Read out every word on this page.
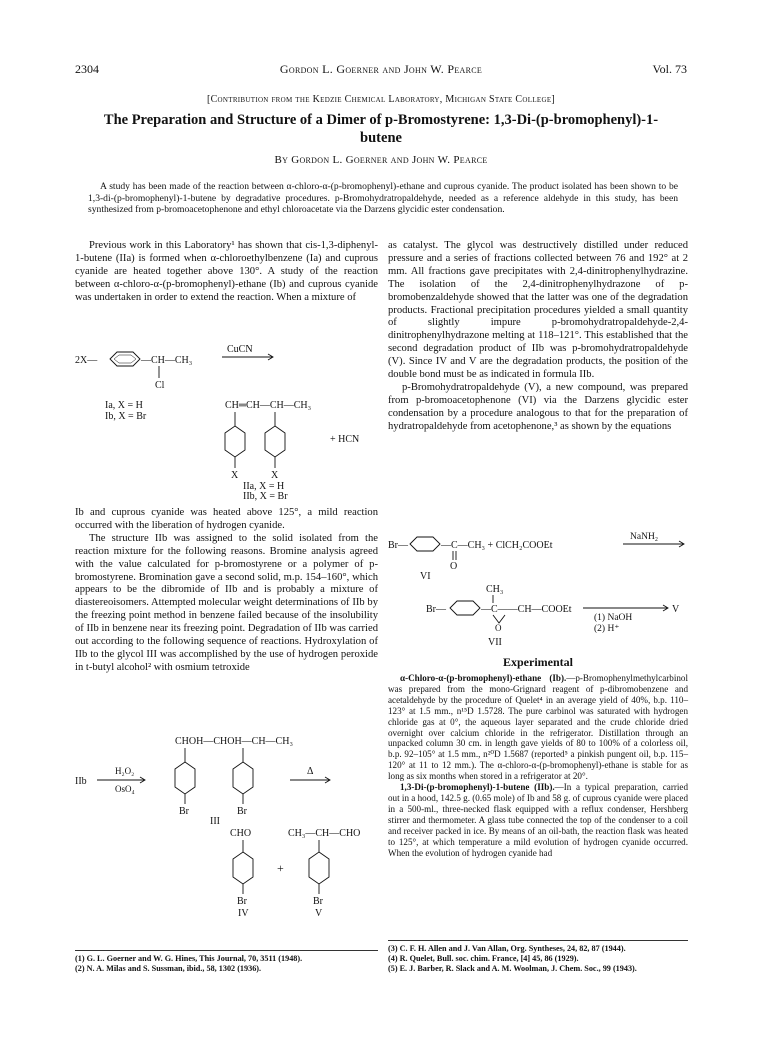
2304	Gordon L. Goerner and John W. Pearce	Vol. 73
[Contribution from the Kedzie Chemical Laboratory, Michigan State College]
The Preparation and Structure of a Dimer of p-Bromostyrene: 1,3-Di-(p-bromophenyl)-1-butene
By Gordon L. Goerner and John W. Pearce
A study has been made of the reaction between α-chloro-α-(p-bromophenyl)-ethane and cuprous cyanide. The product isolated has been shown to be 1,3-di-(p-bromophenyl)-1-butene by degradative procedures. p-Bromohydratropaldehyde, needed as a reference aldehyde in this study, has been synthesized from p-bromoacetophenone and ethyl chloroacetate via the Darzens glycidic ester condensation.

Previous work in this Laboratory¹ has shown that cis-1,3-diphenyl-1-butene (IIa) is formed when α-chloroethylbenzene (Ia) and cuprous cyanide are heated together above 130°. A study of the reaction between α-chloro-α-(p-bromophenyl)-ethane (Ib) and cuprous cyanide was undertaken in order to extend the reaction. When a mixture of

CuCN
2X—	—CH—CH₃
Cl
Ia, X = H
Ib, X = Br
CH═CH—CH—CH₃
+ HCN
X	X
IIa, X = H
IIb, X = Br

Ib and cuprous cyanide was heated above 125°, a mild reaction occurred with the liberation of hydrogen cyanide.

The structure IIb was assigned to the solid isolated from the reaction mixture for the following reasons. Bromine analysis agreed with the value calculated for p-bromostyrene or a polymer of p-bromostyrene. Bromination gave a second solid, m.p. 154–160°, which appears to be the dibromide of IIb and is probably a mixture of diastereoisomers. Attempted molecular weight determinations of IIb by the freezing point method in benzene failed because of the insolubility of IIb in benzene near its freezing point. Degradation of IIb was carried out according to the following sequence of reactions. Hydroxylation of IIb to the glycol III was accomplished by the use of hydrogen peroxide in t-butyl alcohol² with osmium tetroxide

CHOH—CHOH—CH—CH₃
IIb
H₂O₂
OsO₄
Δ
Br	Br
III
CHO	CH₃—CH—CHO
+
Br	Br
IV	V

(1) G. L. Goerner and W. G. Hines, This Journal, 70, 3511 (1948).

(2) N. A. Milas and S. Sussman, ibid., 58, 1302 (1936).

as catalyst. The glycol was destructively distilled under reduced pressure and a series of fractions collected between 76 and 192° at 2 mm. All fractions gave precipitates with 2,4-dinitrophenylhydrazine. The isolation of the 2,4-dinitrophenylhydrazone of p-bromobenzaldehyde showed that the latter was one of the degradation products. Fractional precipitation procedures yielded a small quantity of slightly impure p-bromohydratropaldehyde-2,4-dinitrophenylhydrazone melting at 118–121°. This established that the second degradation product of IIb was p-bromohydratropaldehyde (V). Since IV and V are the degradation products, the position of the double bond must be as indicated in formula IIb.

p-Bromohydratropaldehyde (V), a new compound, was prepared from p-bromoacetophenone (VI) via the Darzens glycidic ester condensation by a procedure analogous to that for the preparation of hydratropaldehyde from acetophenone,³ as shown by the equations

NaNH₂
Br—	—C—CH₃ + ClCH₂COOEt
O
VI
CH₃
Br—	—C——CH—COOEt
O
V
(1) NaOH
(2) H⁺
VII
Experimental

α-Chloro-α-(p-bromophenyl)-ethane (Ib).—p-Bromophenylmethylcarbinol was prepared from the mono-Grignard reagent of p-dibromobenzene and acetaldehyde by the procedure of Quelet⁴ in an average yield of 40%, b.p. 110–123° at 1.5 mm., n¹⁵D 1.5728. The pure carbinol was saturated with hydrogen chloride gas at 0°, the aqueous layer separated and the crude chloride dried overnight over calcium chloride in the refrigerator. Distillation through an unpacked column 30 cm. in length gave yields of 80 to 100% of a colorless oil, b.p. 92–105° at 1.5 mm., n²⁰D 1.5687 (reported⁵ a pinkish pungent oil, b.p. 115–120° at 11 to 12 mm.). The α-chloro-α-(p-bromophenyl)-ethane is stable for as long as six months when stored in a refrigerator at 20°.

1,3-Di-(p-bromophenyl)-1-butene (IIb).—In a typical preparation, carried out in a hood, 142.5 g. (0.65 mole) of Ib and 58 g. of cuprous cyanide were placed in a 500-ml., three-necked flask equipped with a reflux condenser, Hershberg stirrer and thermometer. A glass tube connected the top of the condenser to a coil and receiver packed in ice. By means of an oil-bath, the reaction flask was heated to 125°, at which temperature a mild evolution of hydrogen cyanide occurred. When the evolution of hydrogen cyanide had

(3) C. F. H. Allen and J. Van Allan, Org. Syntheses, 24, 82, 87 (1944).

(4) R. Quelet, Bull. soc. chim. France, [4] 45, 86 (1929).

(5) E. J. Barber, R. Slack and A. M. Woolman, J. Chem. Soc., 99 (1943).
